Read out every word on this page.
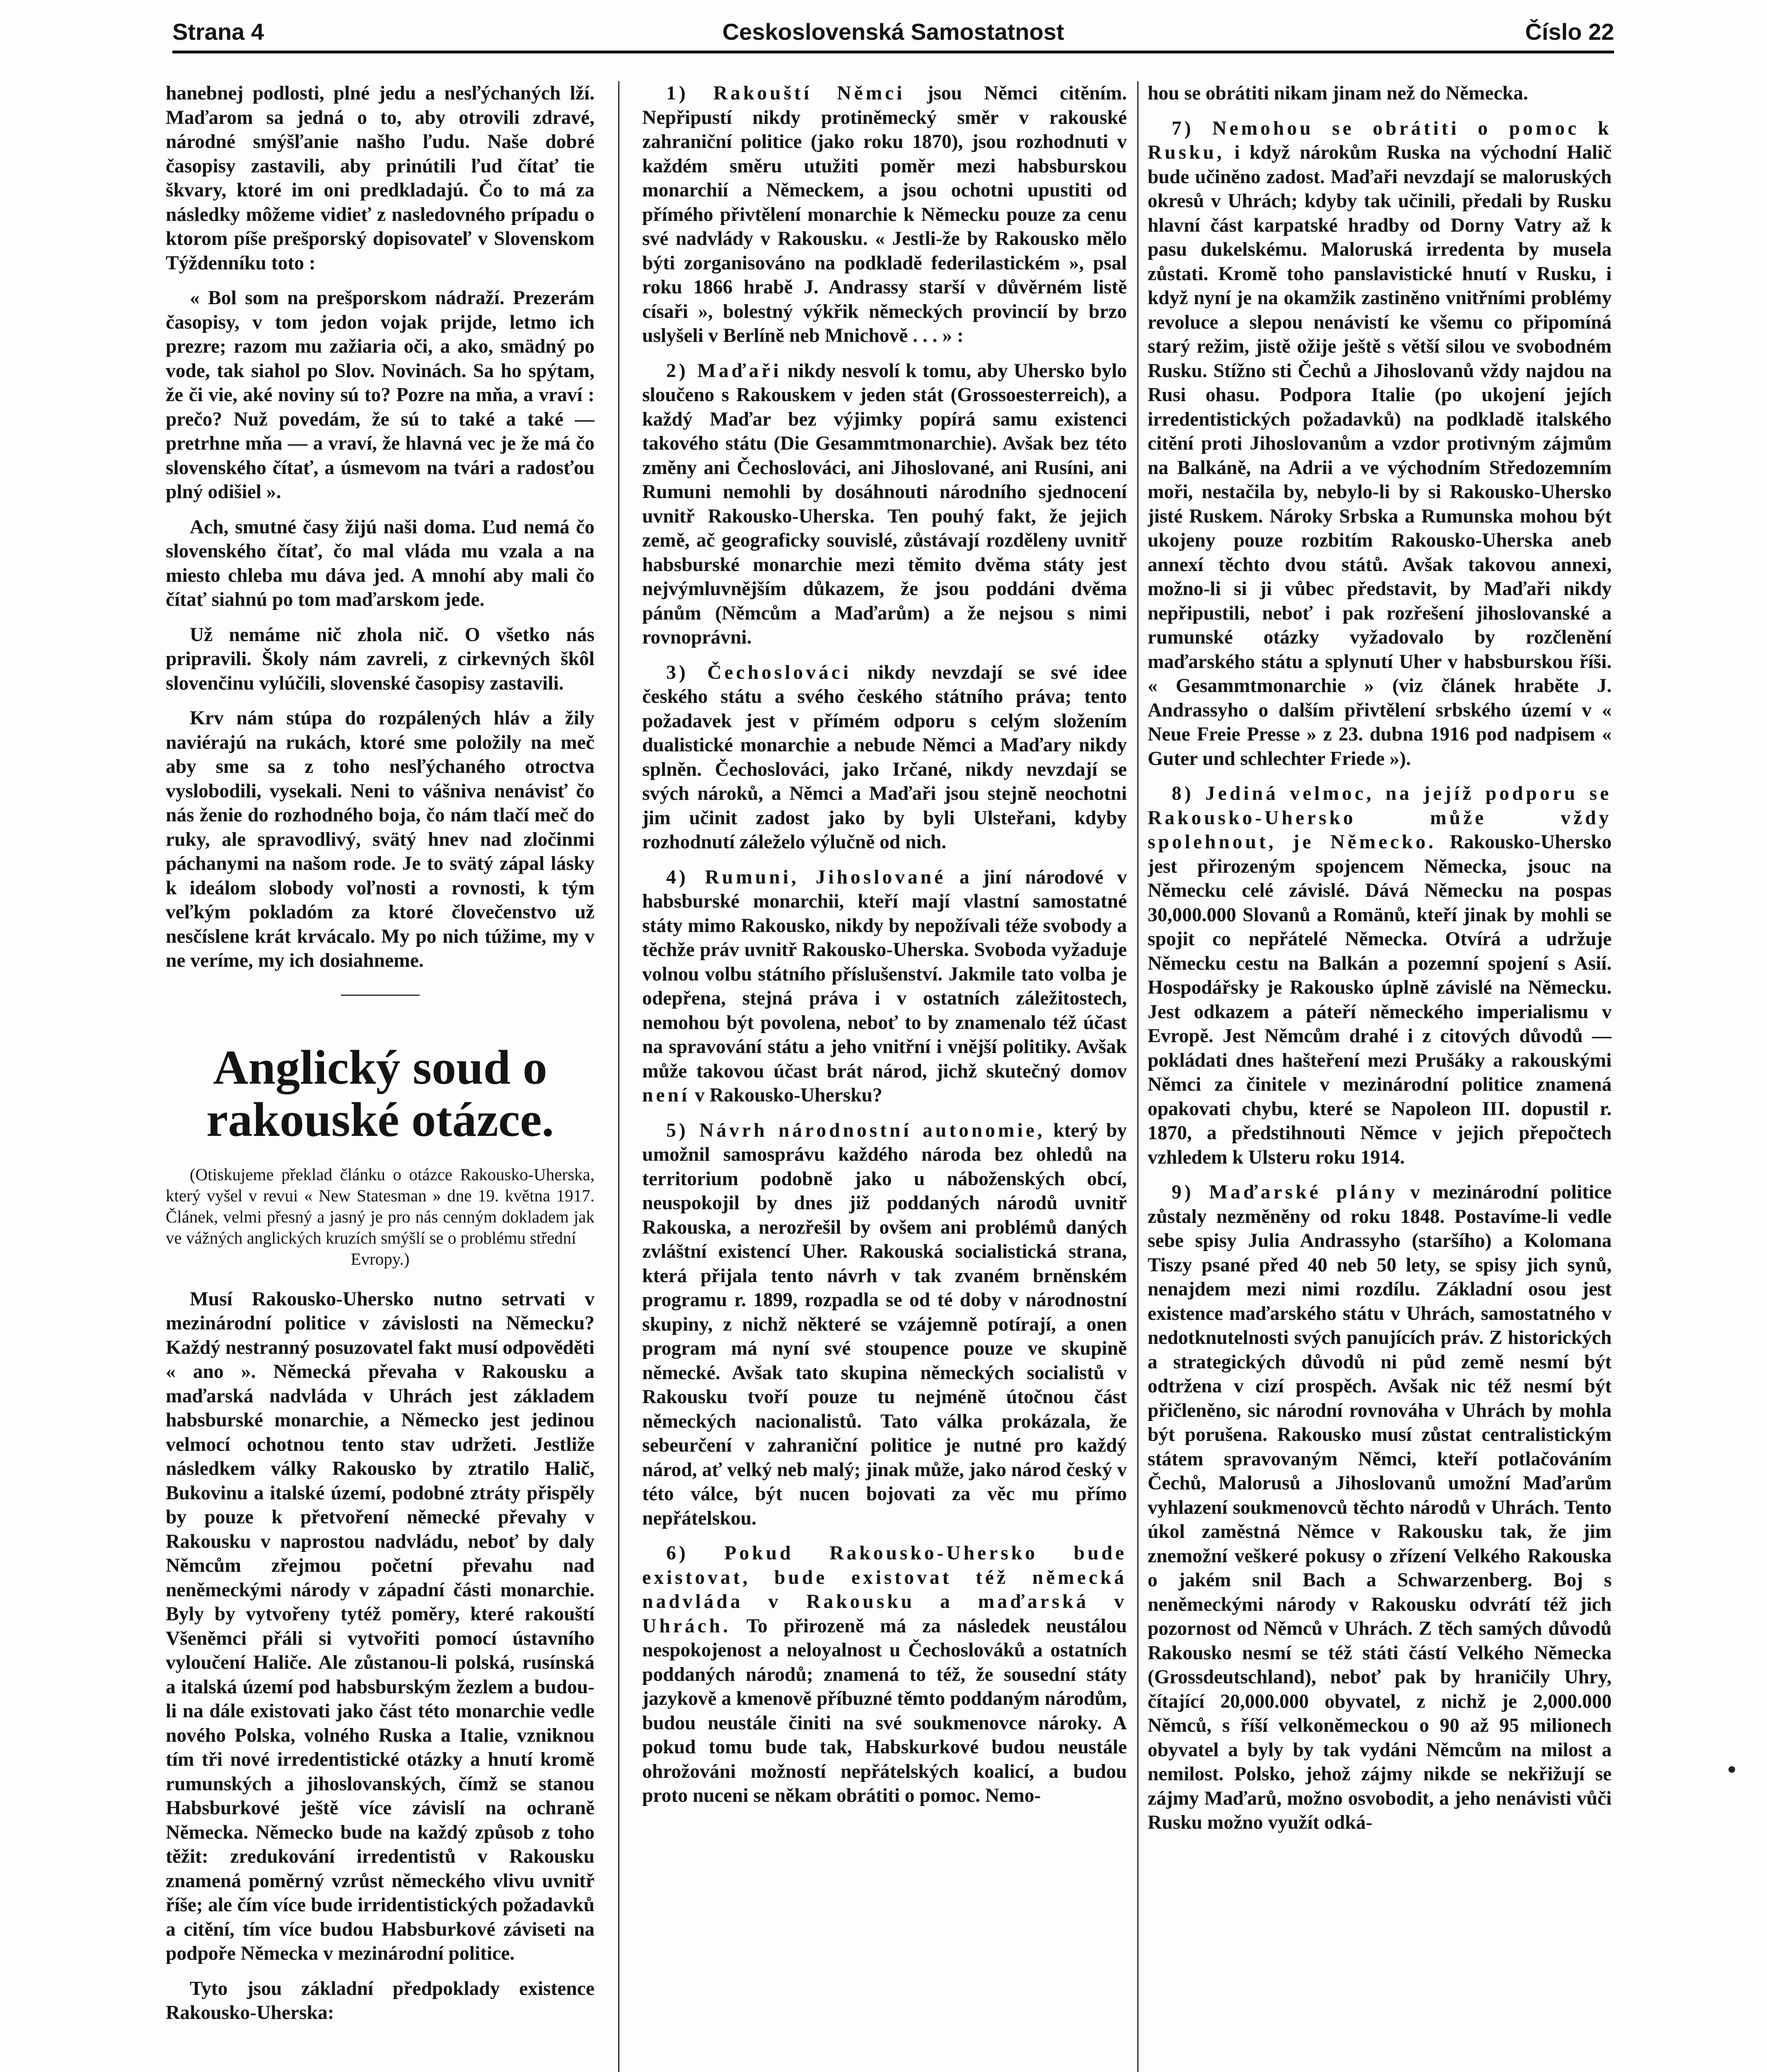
Strana 4	Ceskoslovenská Samostatnost	Číslo 22

hanebnej podlosti, plné jedu a nesľýchaných lží. Maďarom sa jedná o to, aby otrovili zdravé, národné smýšľanie našho ľudu. Naše dobré časopisy zastavili, aby prinútili ľud čítať tie škvary, ktoré im oni predkladajú. Čo to má za následky môžeme vidieť z nasledovného prípadu o ktorom píše prešporský dopisovateľ v Slovenskom Týždenníku toto :

« Bol som na prešporskom nádraží. Prezerám časopisy, v tom jedon vojak prijde, letmo ich prezre; razom mu zažiaria oči, a ako, smädný po vode, tak siahol po Slov. Novinách. Sa ho spýtam, že či vie, aké noviny sú to? Pozre na mňa, a vraví : prečo? Nuž povedám, že sú to také a také — pretrhne mňa — a vraví, že hlavná vec je že má čo slovenského čítať, a úsmevom na tvári a radosťou plný odišiel ».

Ach, smutné časy žijú naši doma. Ľud nemá čo slovenského čítať, čo mal vláda mu vzala a na miesto chleba mu dáva jed. A mnohí aby mali čo čítať siahnú po tom maďarskom jede.

Už nemáme nič zhola nič. O všetko nás pripravili. Školy nám zavreli, z cirkevných škôl slovenčinu vylúčili, slovenské časopisy zastavili.

Krv nám stúpa do rozpálených hláv a žily naviérajú na rukách, ktoré sme položily na meč aby sme sa z toho nesľýchaného otroctva vyslobodili, vysekali. Neni to vášniva nenávisť čo nás ženie do rozhodného boja, čo nám tlačí meč do ruky, ale spravodlivý, svätý hnev nad zločinmi páchanymi na našom rode. Je to svätý zápal lásky k ideálom slobody voľnosti a rovnosti, k tým veľkým pokladóm za ktoré človečenstvo už nesčíslene krát krvácalo. My po nich túžime, my v ne veríme, my ich dosiahneme.

Anglický soud o rakouské otázce.
(Otiskujeme překlad článku o otázce Rakousko-Uherska, který vyšel v revui « New Statesman » dne 19. května 1917. Článek, velmi přesný a jasný je pro nás cenným dokladem jak ve vážných anglických kruzích smýšlí se o problému střední
Evropy.)

Musí Rakousko-Uhersko nutno setrvati v mezinárodní politice v závislosti na Německu? Každý nestranný posuzovatel fakt musí odpověděti « ano ». Německá převaha v Rakousku a maďarská nadvláda v Uhrách jest základem habsburské monarchie, a Německo jest jedinou velmocí ochotnou tento stav udržeti. Jestliže následkem války Rakousko by ztratilo Halič, Bukovinu a italské území, podobné ztráty přispěly by pouze k přetvoření německé převahy v Rakousku v naprostou nadvládu, neboť by daly Němcům zřejmou početní převahu nad neněmeckými národy v západní části monarchie. Byly by vytvořeny tytéž poměry, které rakouští Všeněmci přáli si vytvořiti pomocí ústavního vyloučení Haliče. Ale zůstanou-li polská, rusínská a italská území pod habsburským žezlem a budou-li na dále existovati jako část této monarchie vedle nového Polska, volného Ruska a Italie, vzniknou tím tři nové irredentistické otázky a hnutí kromě rumunských a jihoslovanských, čímž se stanou Habsburkové ještě více závislí na ochraně Německa. Německo bude na každý způsob z toho těžit: zredukování irredentistů v Rakousku znamená poměrný vzrůst německého vlivu uvnitř říše; ale čím více bude irridentistických požadavků a citění, tím více budou Habsburkové záviseti na podpoře Německa v mezinárodní politice.

Tyto jsou základní předpoklady existence Rakousko-Uherska:

1) Rakouští Němci jsou Němci citěním. Nepřipustí nikdy protiněmecký směr v rakouské zahraniční politice (jako roku 1870), jsou rozhodnuti v každém směru utužiti poměr mezi habsburskou monarchií a Německem, a jsou ochotni upustiti od přímého přivtělení monarchie k Německu pouze za cenu své nadvlády v Rakousku. « Jestli-že by Rakousko mělo býti zorganisováno na podkladě federilastickém », psal roku 1866 hrabě J. Andrassy starší v důvěrném listě císaři », bolestný výkřik německých provincií by brzo uslyšeli v Berlíně neb Mnichově . . . » :

2) Maďaři nikdy nesvolí k tomu, aby Uhersko bylo sloučeno s Rakouskem v jeden stát (Grossoesterreich), a každý Maďar bez výjimky popírá samu existenci takového státu (Die Gesammtmonarchie). Avšak bez této změny ani Čechoslováci, ani Jihoslované, ani Rusíni, ani Rumuni nemohli by dosáhnouti národního sjednocení uvnitř Rakousko-Uherska. Ten pouhý fakt, že jejich země, ač geograficky souvislé, zůstávají rozděleny uvnitř habsburské monarchie mezi těmito dvěma státy jest nejvýmluvnějším důkazem, že jsou poddáni dvěma pánům (Němcům a Maďarům) a že nejsou s nimi rovnoprávni.

3) Čechoslováci nikdy nevzdají se své idee českého státu a svého českého státního práva; tento požadavek jest v přímém odporu s celým složením dualistické monarchie a nebude Němci a Maďary nikdy splněn. Čechoslováci, jako Irčané, nikdy nevzdají se svých nároků, a Němci a Maďaři jsou stejně neochotni jim učinit zadost jako by byli Ulsteřani, kdyby rozhodnutí záleželo výlučně od nich.

4) Rumuni, Jihoslované a jiní národové v habsburské monarchii, kteří mají vlastní samostatné státy mimo Rakousko, nikdy by nepožívali téže svobody a těchže práv uvnitř Rakousko-Uherska. Svoboda vyžaduje volnou volbu státního příslušenství. Jakmile tato volba je odepřena, stejná práva i v ostatních záležitostech, nemohou být povolena, neboť to by znamenalo též účast na spravování státu a jeho vnitřní i vnější politiky. Avšak může takovou účast brát národ, jichž skutečný domov není v Rakousko-Uhersku?

5) Návrh národnostní autonomie, který by umožnil samosprávu každého národa bez ohledů na territorium podobně jako u náboženských obcí, neuspokojil by dnes již poddaných národů uvnitř Rakouska, a nerozřešil by ovšem ani problémů daných zvláštní existencí Uher. Rakouská socialistická strana, která přijala tento návrh v tak zvaném brněnském programu r. 1899, rozpadla se od té doby v národnostní skupiny, z nichž některé se vzájemně potírají, a onen program má nyní své stoupence pouze ve skupině německé. Avšak tato skupina německých socialistů v Rakousku tvoří pouze tu nejméně útočnou část německých nacionalistů. Tato válka prokázala, že sebeurčení v zahraniční politice je nutné pro každý národ, ať velký neb malý; jinak může, jako národ český v této válce, být nucen bojovati za věc mu přímo nepřátelskou.

6) Pokud Rakousko-Uhersko bude existovat, bude existovat též německá nadvláda v Rakousku a maďarská v Uhrách. To přirozeně má za následek neustálou nespokojenost a neloyalnost u Čechoslováků a ostatních poddaných národů; znamená to též, že sousední státy jazykově a kmenově příbuzné těmto poddaným národům, budou neustále činiti na své soukmenovce nároky. A pokud tomu bude tak, Habskurkové budou neustále ohrožováni možností nepřátelských koalicí, a budou proto nuceni se někam obrátiti o pomoc. Nemo-

hou se obrátiti nikam jinam než do Německa.

7) Nemohou se obrátiti o pomoc k Rusku, i když nárokům Ruska na východní Halič bude učiněno zadost. Maďaři nevzdají se maloruských okresů v Uhrách; kdyby tak učinili, předali by Rusku hlavní část karpatské hradby od Dorny Vatry až k pasu dukelskému. Maloruská irredenta by musela zůstati. Kromě toho panslavistické hnutí v Rusku, i když nyní je na okamžik zastiněno vnitřními problémy revoluce a slepou nenávistí ke všemu co připomíná starý režim, jistě ožije ještě s větší silou ve svobodném Rusku. Stížno sti Čechů a Jihoslovanů vždy najdou na Rusi ohasu. Podpora Italie (po ukojení jejích irredentistických požadavků) na podkladě italského citění proti Jihoslovanům a vzdor protivným zájmům na Balkáně, na Adrii a ve východním Středozemním moři, nestačila by, nebylo-li by si Rakousko-Uhersko jisté Ruskem. Nároky Srbska a Rumunska mohou být ukojeny pouze rozbitím Rakousko-Uherska aneb annexí těchto dvou států. Avšak takovou annexi, možno-li si ji vůbec představit, by Maďaři nikdy nepřipustili, neboť i pak rozřešení jihoslovanské a rumunské otázky vyžadovalo by rozčlenění maďarského státu a splynutí Uher v habsburskou říši. « Gesammtmonarchie » (viz článek hraběte J. Andrassyho o dalším přivtělení srbského území v « Neue Freie Presse » z 23. dubna 1916 pod nadpisem « Guter und schlechter Friede »).

8) Jediná velmoc, na jejíž podporu se Rakousko-Uhersko může vždy spolehnout, je Německo. Rakousko-Uhersko jest přirozeným spojencem Německa, jsouc na Německu celé závislé. Dává Německu na pospas 30,000.000 Slovanů a Romänů, kteří jinak by mohli se spojit co nepřátelé Německa. Otvírá a udržuje Německu cestu na Balkán a pozemní spojení s Asií. Hospodářsky je Rakousko úplně závislé na Německu. Jest odkazem a páteří německého imperialismu v Evropě. Jest Němcům drahé i z citových důvodů — pokládati dnes hašteření mezi Prušáky a rakouskými Němci za činitele v mezinárodní politice znamená opakovati chybu, které se Napoleon III. dopustil r. 1870, a předstihnouti Němce v jejich přepočtech vzhledem k Ulsteru roku 1914.

9) Maďarské plány v mezinárodní politice zůstaly nezměněny od roku 1848. Postavíme-li vedle sebe spisy Julia Andrassyho (staršího) a Kolomana Tiszy psané před 40 neb 50 lety, se spisy jich synů, nenajdem mezi nimi rozdílu. Základní osou jest existence maďarského státu v Uhrách, samostatného v nedotknutelnosti svých panujících práv. Z historických a strategických důvodů ni půd země nesmí být odtržena v cizí prospěch. Avšak nic též nesmí být přičleněno, sic národní rovnováha v Uhrách by mohla být porušena. Rakousko musí zůstat centralistickým státem spravovaným Němci, kteří potlačováním Čechů, Malorusů a Jihoslovanů umožní Maďarům vyhlazení soukmenovců těchto národů v Uhrách. Tento úkol zaměstná Němce v Rakousku tak, že jim znemožní veškeré pokusy o zřízení Velkého Rakouska o jakém snil Bach a Schwarzenberg. Boj s neněmeckými národy v Rakousku odvrátí též jich pozornost od Němců v Uhrách. Z těch samých důvodů Rakousko nesmí se též státi částí Velkého Německa (Grossdeutschland), neboť pak by hraničily Uhry, čítající 20,000.000 obyvatel, z nichž je 2,000.000 Němců, s říší velkoněmeckou o 90 až 95 milionech obyvatel a byly by tak vydáni Němcům na milost a nemilost. Polsko, jehož zájmy nikde se nekřižují se zájmy Maďarů, možno osvobodit, a jeho nenávisti vůči Rusku možno využít odká-
